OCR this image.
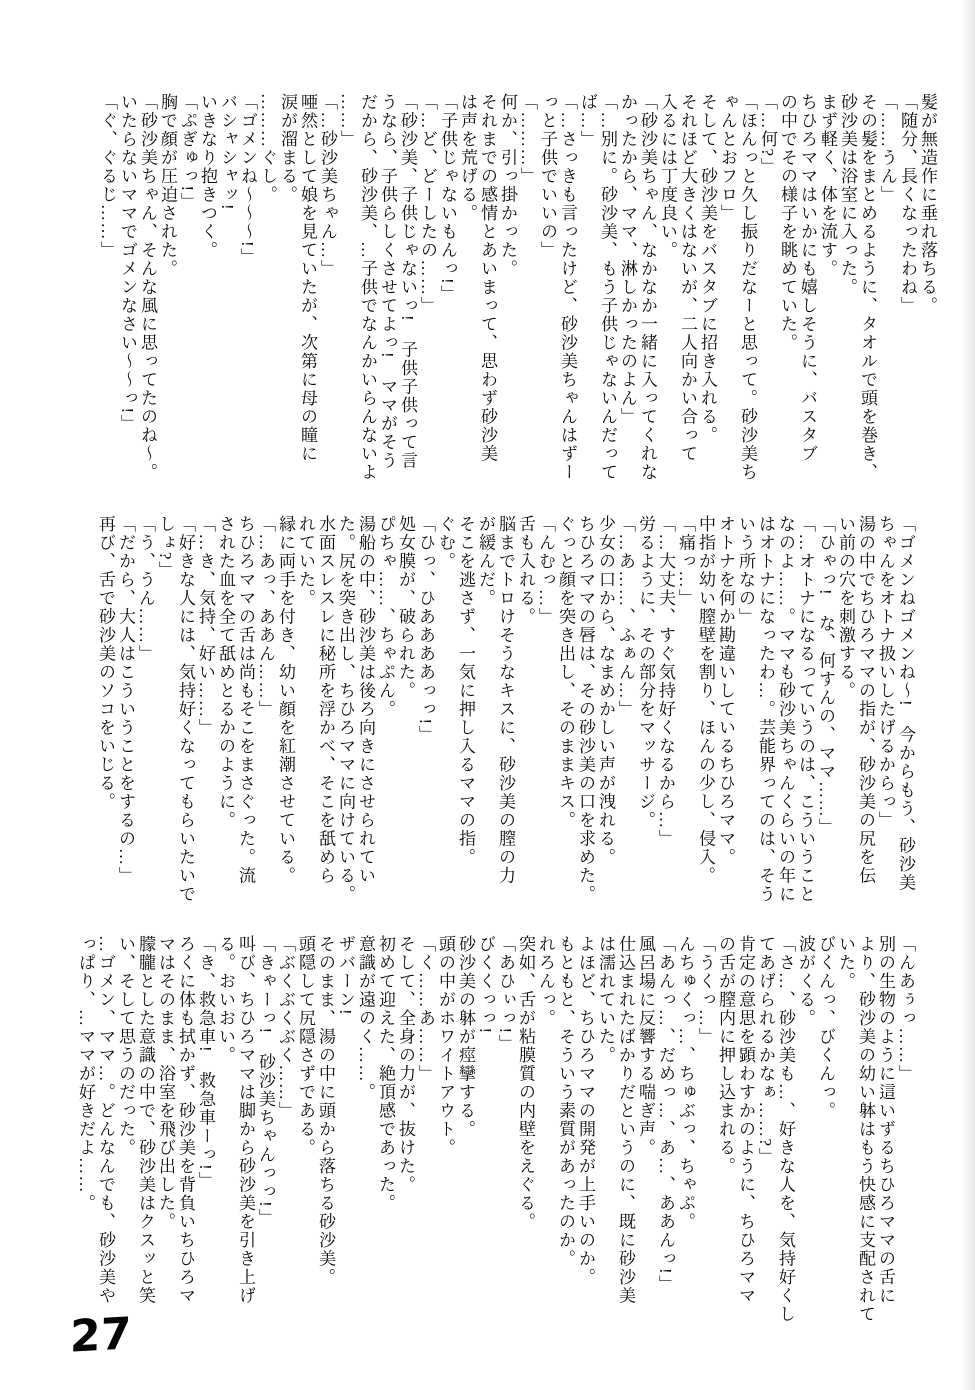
髪が無造作に垂れ落ちる。

「随分、長くなったわね」

「……うん」

その髪をまとめるように、タオルで頭を巻き、

砂沙美は浴室に入った。

まず軽く、体を流す。

ちひろママはいかにも嬉しそうに、バスタブ

の中でその様子を眺めていた。

「…何?」

「ほんっと久し振りだなーと思って。砂沙美ち

ゃんとおフロ」

そして、砂沙美をバスタブに招き入れる。

それほど大きくはないが、二人向かい合って

入るには丁度良い。

「砂沙美ちゃん、なかなか一緒に入ってくれな

かったから、ママ、淋しかったのよん」

「…別に。砂沙美、もう子供じゃないんだって

ば…」

「…さっきも言ったけど、砂沙美ちゃんはずー

っと子供でいいの」

「………」

何か、引っ掛かった。

それまでの感情とあいまって、思わず砂沙美

は声を荒げる。

「子供じゃないもんっ!」

「…ど、どーしたの……」

「砂沙美、子供じゃないっ!　子供子供って言

うなら、子供らしくさせてよっ!　ママがそう

だから、砂沙美、…子供でなんかいらんないよ

……」

「…砂沙美ちゃん…」

唖然として娘を見ていたが、次第に母の瞳に

涙が溜まる。

………ぐし。

「ゴメンね〜〜〜!」

バシャシャッ!

いきなり抱きつく。

「ぷぎゅっ!」

胸で顔が圧迫された。

「砂沙美ちゃん、そんな風に思ってたのね〜。

いたらないママでゴメンなさい〜〜っ!」

「ぐ、ぐるじ……」

「ゴメンねゴメンね〜!　今からもう、砂沙美

ちゃんをオトナ扱いしたげるからっ」

湯の中でちひろママの指が、砂沙美の尻を伝

い前の穴を刺激する。

「ひゃっ!　な、何すんの、ママ……」

「…オトナになるっていうのは、こういうこと

なのよ……。ママも砂沙美ちゃんくらいの年に

はオトナになったわ…。芸能界ってのは、そう

いう所なの」

オトナを何か勘違いしているちひろママ。

中指が幼い膣壁を割り、ほんの少し、侵入。

「痛っ…」

「…大丈夫、すぐ気持好くなるから…」

労るように、その部分をマッサージ。

「…あ……、ふぁん…」

少女の口から、なまめかしい声が洩れる。

ちひろママの唇は、その砂沙美の口を求めた。

ぐっと顔を突き出し、そのままキス。

「んむっ…」

舌も入れる。

脳までトロけそうなキスに、砂沙美の膣の力

が緩んだ。

そこを逃さず、一気に押し入るママの指。

ぐむ。

「ひっ、ひああああっっ!」

処女膜が、破られた。

ぴちゃ……、ちゃぷん。

湯船の中、砂沙美は後ろ向きにさせられてい

た。尻を突き出し、ちひろママに向けている。

水面スレスレに秘所を浮かべ、そこを舐めら

れていた。

縁に両手を付き、幼い顔を紅潮させている。

「…あっ、ああん……」

ちひろママの舌は尚もそこをまさぐった。流

された血を全て舐めとるかのように。

「…き、気持、好い……」

「好きな人には、気持好くなってもらいたいで

しょ?」

「う、うん……」

「だから、大人はこういうことをするの…」

再び、舌で砂沙美のソコをいじる。

「んあぅっ……」

別の生物のように這いずるちひろママの舌に

より、砂沙美の幼い躰はもう快感に支配されて

いた。

びくんっ、びくんっ。

波がくる。

「さ…、砂沙美も…、好きな人を、気持好くし

てあげられるかなぁ……?」

肯定の意思を顕わすかのように、ちひろママ

の舌が膣内に押し込まれる。

「うくっ…」

んちゅくっ…、ちゅぶっ、ちゃぷ。

「あんっ…、だめっ…、あ…、ああんっ!」

風呂場に反響する喘ぎ声。

仕込まれたばかりだというのに、既に砂沙美

は濡れていた。

よほど、ちひろママの開発が上手いのか。

もともと、そういう素質があったのか。

れろんっ。

突如、舌が粘膜質の内壁をえぐる。

「あひぃっ!」

びくくっっ!

砂沙美の躰が痙攣する。

頭の中がホワイトアウト。

「く……あ……」

そして、全身の力が、抜けた。

初めて迎えた、絶頂感であった。

意識が遠のく……。

ザバーン!

そのまま、湯の中に頭から落ちる砂沙美。

頭隠して尻隠さずである。

「ぶくぶくぶく……」

「きゃーっ!　砂沙美ちゃんっっ!」

叫び、ちひろママは脚から砂沙美を引き上げ

る。おいおい。

「き、救急車!　救急車ーっ!」

ろくに体も拭かず、砂沙美を背負いちひろマ

マはそのまま、浴室を飛び出した。

朦朧とした意識の中で、砂沙美はクスッと笑

い、そして思うのだった。

…ゴメン、ママ…。どんなんでも、砂沙美や

っぱり、…ママが好きだよ……。

27
